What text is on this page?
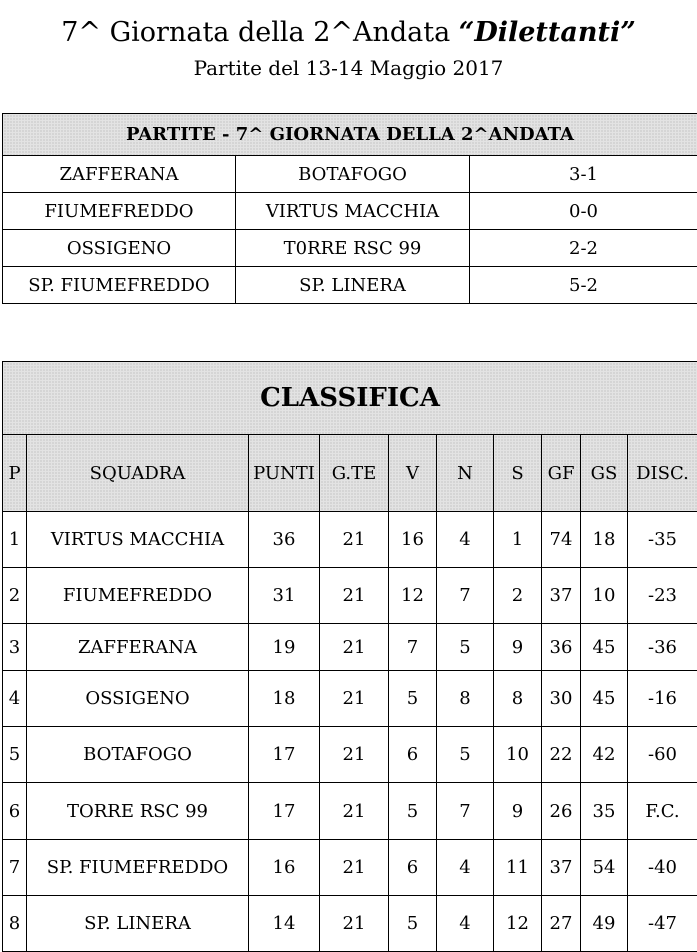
7^ Giornata della 2^Andata “Dilettanti”
Partite del 13-14 Maggio 2017
PARTITE - 7^ GIORNATA DELLA 2^ANDATA		
ZAFFERANA	BOTAFOGO	3-1
FIUMEFREDDO	VIRTUS MACCHIA	0-0
OSSIGENO	T0RRE RSC 99	2-2
SP. FIUMEFREDDO	SP. LINERA	5-2
CLASSIFICA									
P	SQUADRA	PUNTI	G.TE	V	N	S	GF	GS	DISC.
1	VIRTUS MACCHIA	36	21	16	4	1	74	18	-35
2	FIUMEFREDDO	31	21	12	7	2	37	10	-23
3	ZAFFERANA	19	21	7	5	9	36	45	-36
4	OSSIGENO	18	21	5	8	8	30	45	-16
5	BOTAFOGO	17	21	6	5	10	22	42	-60
6	TORRE RSC 99	17	21	5	7	9	26	35	F.C.
7	SP. FIUMEFREDDO	16	21	6	4	11	37	54	-40
8	SP. LINERA	14	21	5	4	12	27	49	-47
